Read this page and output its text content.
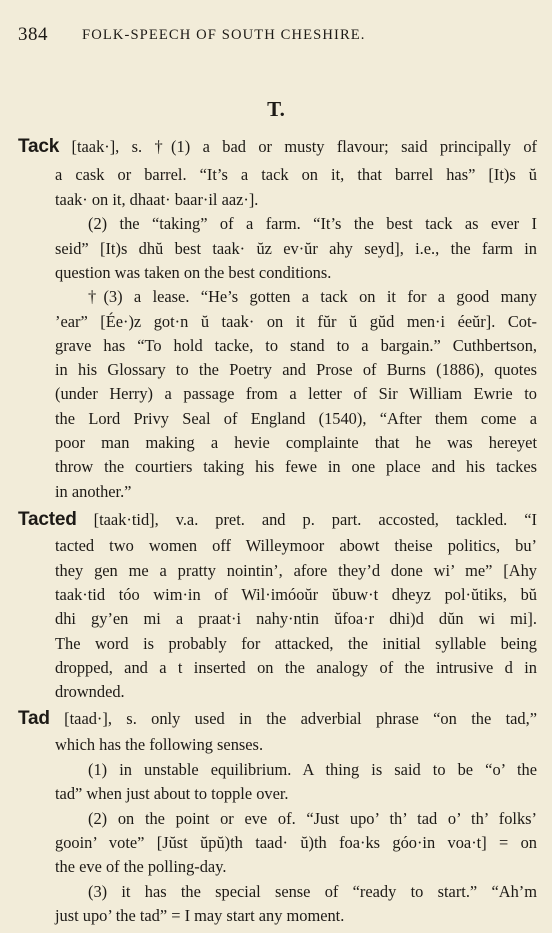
384 FOLK-SPEECH OF SOUTH CHESHIRE.
T.
Tack [taak·], s. †(1) a bad or musty flavour; said principally of
a cask or barrel. “It’s a tack on it, that barrel has” [It)s ŭ
taak· on it, dhaat· baar·il aaz·].
(2) the “taking” of a farm. “It’s the best tack as ever I
seid” [It)s dhŭ best taak· ŭz ev·ŭr ahy seyd], i.e., the farm in
question was taken on the best conditions.
†(3) a lease. “He’s gotten a tack on it for a good many
’ear” [Ée·)z got·n ŭ taak· on it fŭr ŭ gŭd men·i éeŭr]. Cot-
grave has “To hold tacke, to stand to a bargain.” Cuthbertson,
in his Glossary to the Poetry and Prose of Burns (1886), quotes
(under Herry) a passage from a letter of Sir William Ewrie to
the Lord Privy Seal of England (1540), “After them come a
poor man making a hevie complainte that he was hereyet
throw the courtiers taking his fewe in one place and his tackes
in another.”
Tacted [taak·tid], v.a. pret. and p. part. accosted, tackled. “I
tacted two women off Willeymoor abowt theise politics, bu’
they gen me a pratty nointin’, afore they’d done wi’ me” [Ahy
taak·tid tóo wim·in of Wil·imóoŭr ŭbuw·t dheyz pol·ŭtiks, bŭ
dhi gy’en mi a praat·i nahy·ntin ŭfoa·r dhi)d dŭn wi mi].
The word is probably for attacked, the initial syllable being
dropped, and a t inserted on the analogy of the intrusive d in
drownded.
Tad [taad·], s. only used in the adverbial phrase “on the tad,”
which has the following senses.
(1) in unstable equilibrium. A thing is said to be “o’ the
tad” when just about to topple over.
(2) on the point or eve of. “Just upo’ th’ tad o’ th’ folks’
gooin’ vote” [Jŭst ŭpŭ)th taad· ŭ)th foa·ks góo·in voa·t] = on
the eve of the polling-day.
(3) it has the special sense of “ready to start.” “Ah’m
just upo’ the tad” = I may start any moment.
